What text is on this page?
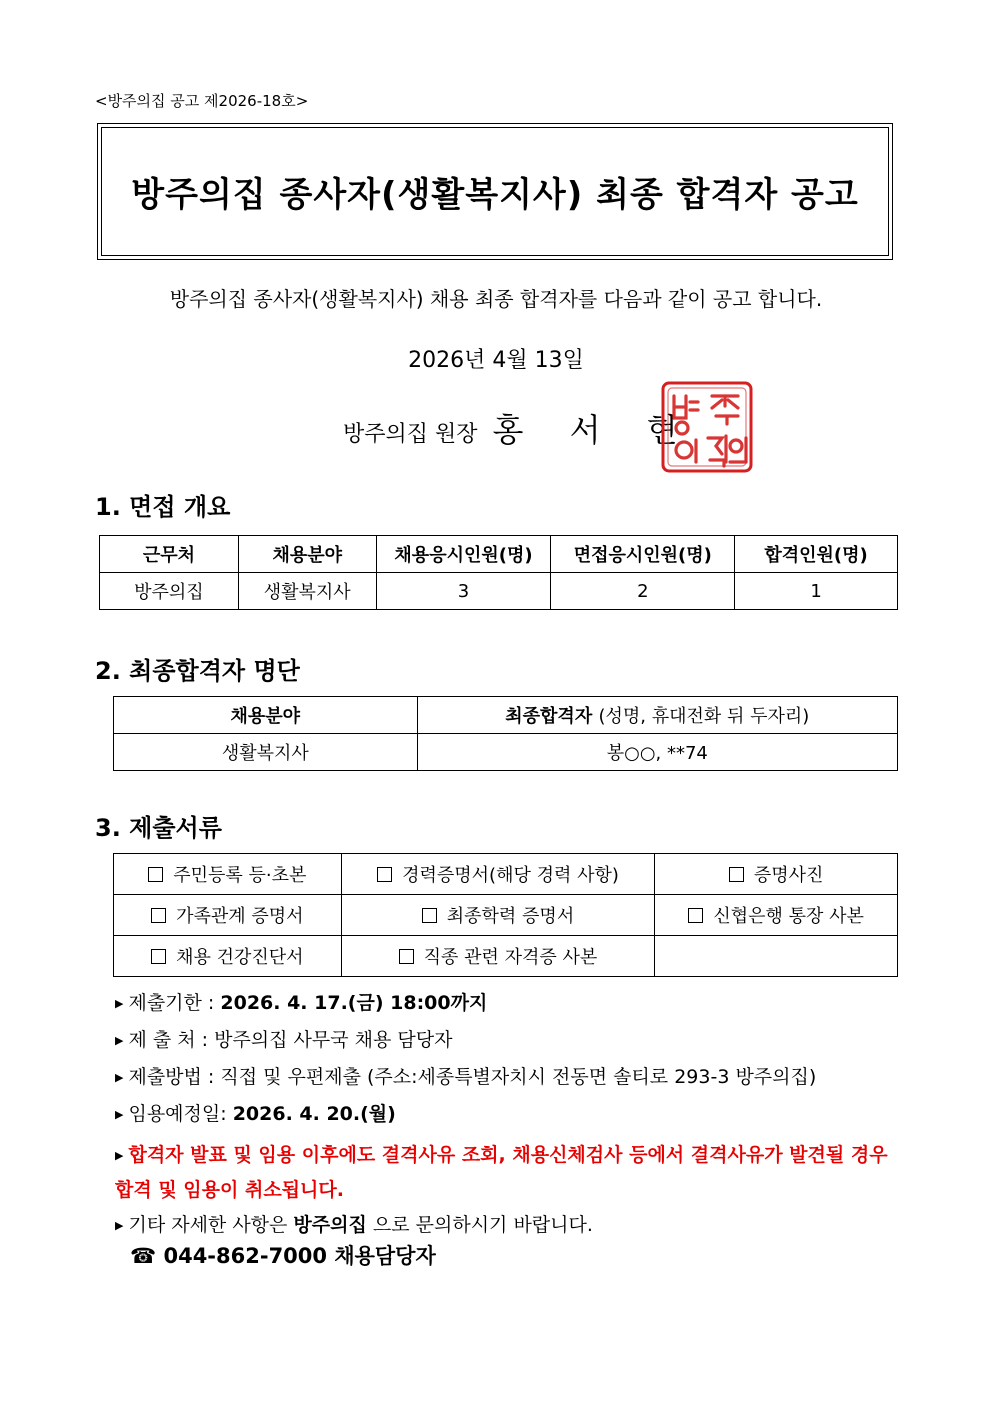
<방주의집 공고 제2026-18호>
방주의집 종사자(생활복지사) 최종 합격자 공고
방주의집 종사자(생활복지사) 채용 최종 합격자를 다음과 같이 공고 합니다.
2026년 4월 13일
방주의집 원장 홍 서 현
1. 면접 개요
근무처	채용분야	채용응시인원(명)	면접응시인원(명)	합격인원(명)
방주의집	생활복지사	3	2	1
2. 최종합격자 명단
채용분야	최종합격자 (성명, 휴대전화 뒤 두자리)
생활복지사	봉○○, **74
3. 제출서류
주민등록 등·초본	경력증명서(해당 경력 사항)	증명사진
가족관계 증명서	최종학력 증명서	신협은행 통장 사본
채용 건강진단서	직종 관련 자격증 사본	
▶ 제출기한 : 2026. 4. 17.(금) 18:00까지
▶ 제 출 처 : 방주의집 사무국 채용 담당자
▶ 제출방법 : 직접 및 우편제출 (주소:세종특별자치시 전동면 솔티로 293-3 방주의집)
▶ 임용예정일: 2026. 4. 20.(월)
▶ 합격자 발표 및 임용 이후에도 결격사유 조회, 채용신체검사 등에서 결격사유가 발견될 경우 합격 및 임용이 취소됩니다.
▶ 기타 자세한 사항은 방주의집 으로 문의하시기 바랍니다.
☎ 044-862-7000 채용담당자
